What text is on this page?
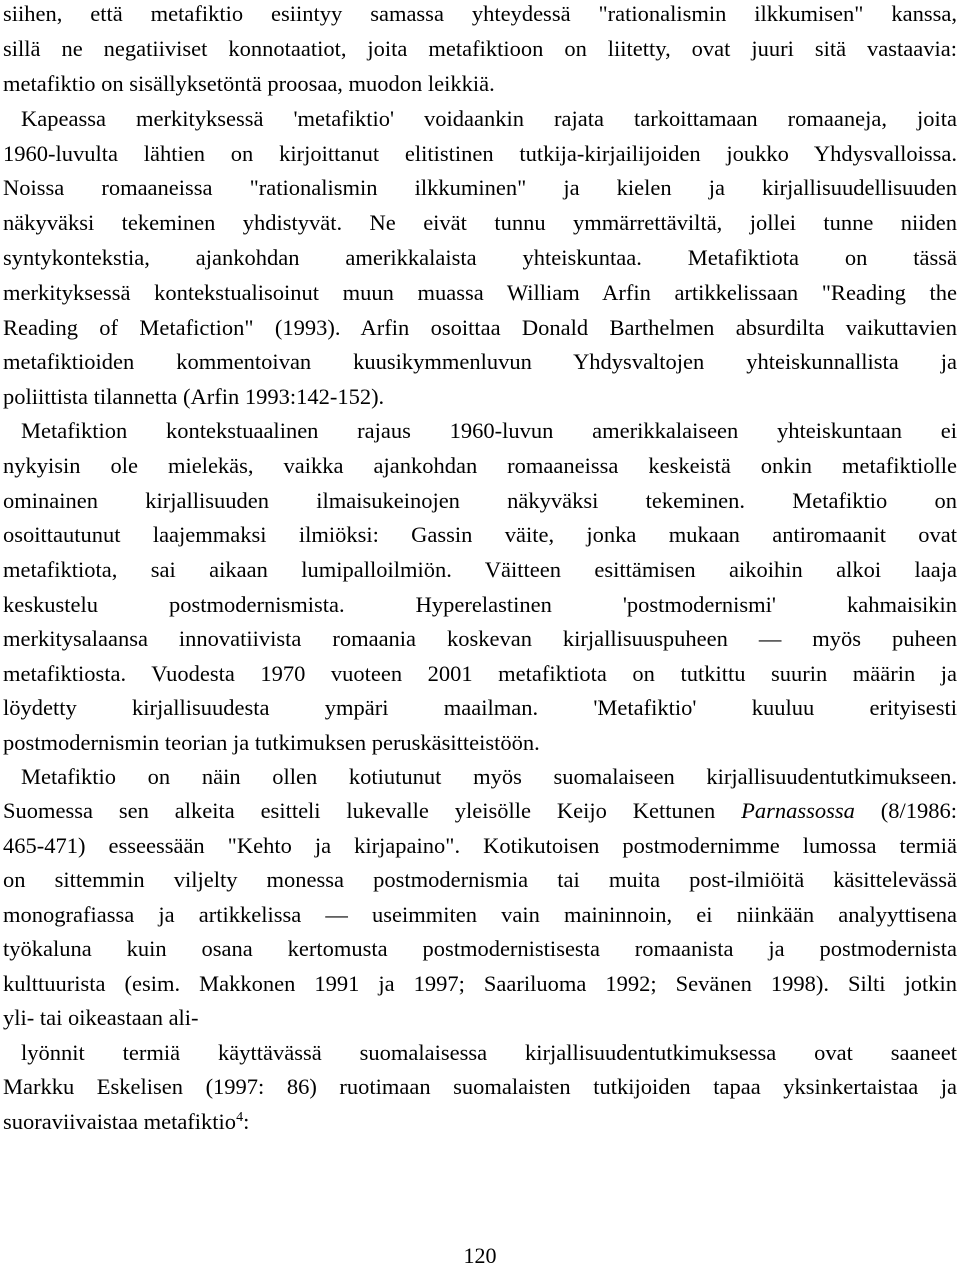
siihen, että metafiktio esiintyy samassa yhteydessä "rationalismin ilkkumisen" kanssa,
sillä ne negatiiviset konnotaatiot, joita metafiktioon on liitetty, ovat juuri sitä vastaavia:
metafiktio on sisällyksetöntä proosaa, muodon leikkiä.
Kapeassa merkityksessä 'metafiktio' voidaankin rajata tarkoittamaan romaaneja, joita
1960-luvulta lähtien on kirjoittanut elitistinen tutkija-kirjailijoiden joukko Yhdysvalloissa.
Noissa romaaneissa "rationalismin ilkkuminen" ja kielen ja kirjallisuudellisuuden
näkyväksi tekeminen yhdistyvät. Ne eivät tunnu ymmärrettäviltä, jollei tunne niiden
syntykontekstia, ajankohdan amerikkalaista yhteiskuntaa. Metafiktiota on tässä
merkityksessä kontekstualisoinut muun muassa William Arfin artikkelissaan "Reading the
Reading of Metafiction" (1993). Arfin osoittaa Donald Barthelmen absurdilta vaikuttavien
metafiktioiden kommentoivan kuusikymmenluvun Yhdysvaltojen yhteiskunnallista ja
poliittista tilannetta (Arfin 1993:142-152).
Metafiktion kontekstuaalinen rajaus 1960-luvun amerikkalaiseen yhteiskuntaan ei
nykyisin ole mielekäs, vaikka ajankohdan romaaneissa keskeistä onkin metafiktiolle
ominainen kirjallisuuden ilmaisukeinojen näkyväksi tekeminen. Metafiktio on
osoittautunut laajemmaksi ilmiöksi: Gassin väite, jonka mukaan antiromaanit ovat
metafiktiota, sai aikaan lumipalloilmiön. Väitteen esittämisen aikoihin alkoi laaja
keskustelu postmodernismista. Hyperelastinen 'postmodernismi' kahmaisikin
merkitysalaansa innovatiivista romaania koskevan kirjallisuuspuheen — myös puheen
metafiktiosta. Vuodesta 1970 vuoteen 2001 metafiktiota on tutkittu suurin määrin ja
löydetty kirjallisuudesta ympäri maailman. 'Metafiktio' kuuluu erityisesti
postmodernismin teorian ja tutkimuksen peruskäsitteistöön.
Metafiktio on näin ollen kotiutunut myös suomalaiseen kirjallisuudentutkimukseen.
Suomessa sen alkeita esitteli lukevalle yleisölle Keijo Kettunen Parnassossa (8/1986:
465-471) esseessään "Kehto ja kirjapaino". Kotikutoisen postmodernimme lumossa termiä
on sittemmin viljelty monessa postmodernismia tai muita post-ilmiöitä käsittelevässä
monografiassa ja artikkelissa — useimmiten vain maininnoin, ei niinkään analyyttisena
työkaluna kuin osana kertomusta postmodernistisesta romaanista ja postmodernista
kulttuurista (esim. Makkonen 1991 ja 1997; Saariluoma 1992; Sevänen 1998). Silti jotkin
yli- tai oikeastaan ali-
lyönnit termiä käyttävässä suomalaisessa kirjallisuudentutkimuksessa ovat saaneet
Markku Eskelisen (1997: 86) ruotimaan suomalaisten tutkijoiden tapaa yksinkertaistaa ja
suoraviivaistaa metafiktio$^4$:
120
